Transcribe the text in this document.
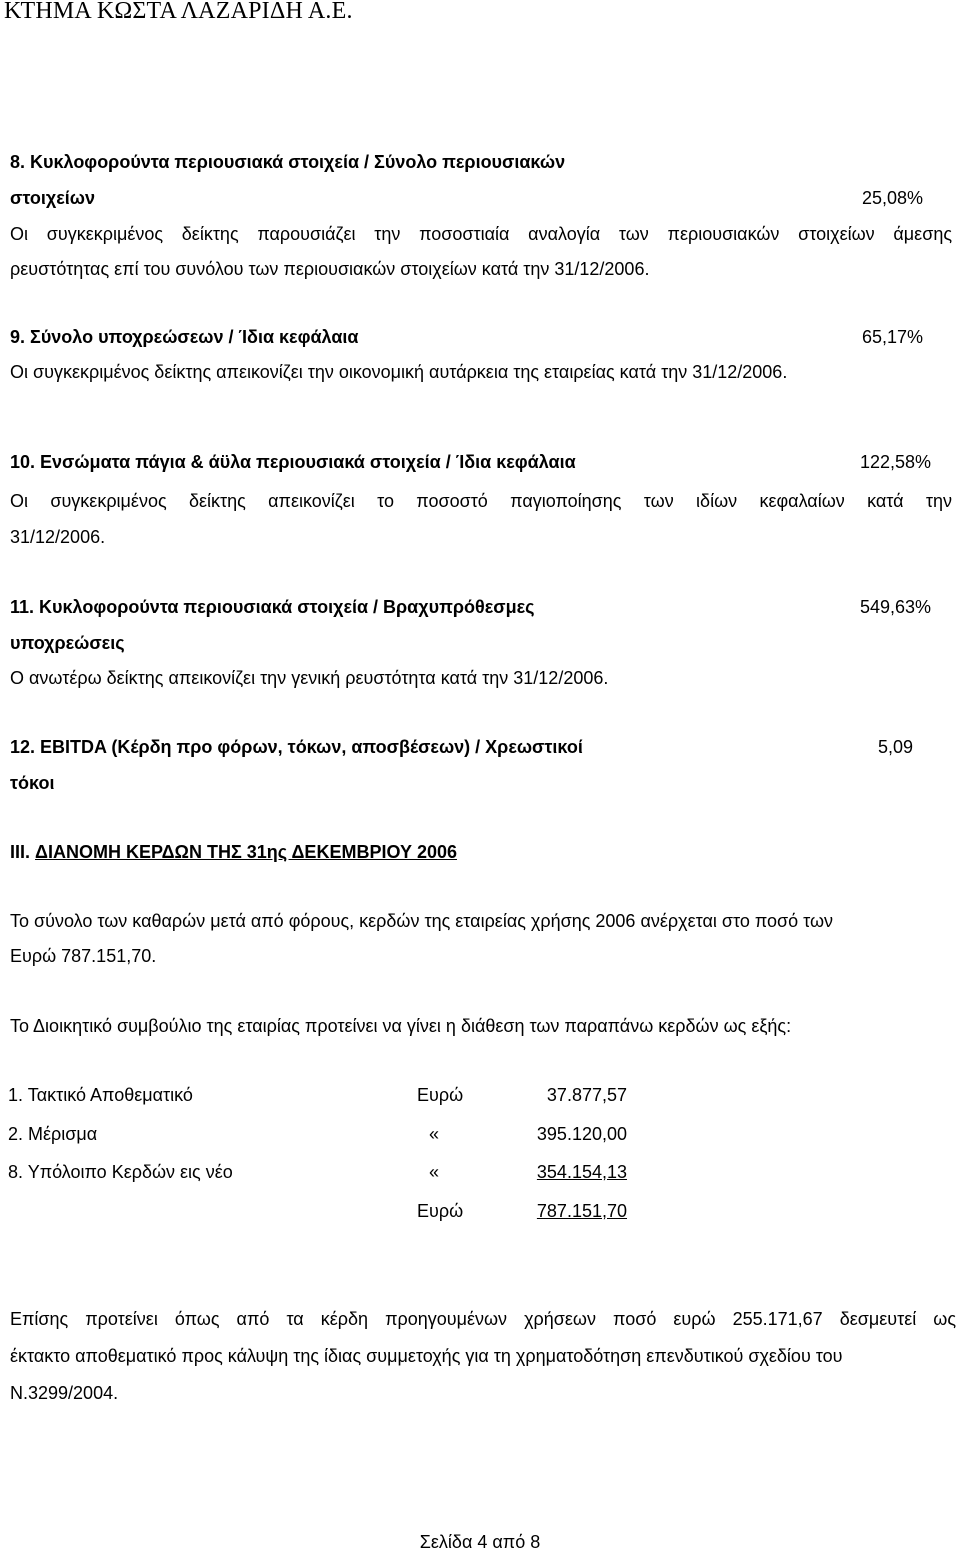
ΚΤΗΜΑ ΚΩΣΤΑ ΛΑΖΑΡΙΔΗ Α.Ε.
8. Κυκλοφορούντα περιουσιακά στοιχεία / Σύνολο περιουσιακών
στοιχείων	25,08%
Οι συγκεκριμένος δείκτης παρουσιάζει την ποσοστιαία αναλογία των περιουσιακών στοιχείων άμεσης
ρευστότητας επί του συνόλου των περιουσιακών στοιχείων κατά την 31/12/2006.
9. Σύνολο υποχρεώσεων / Ίδια κεφάλαια	65,17%
Οι συγκεκριμένος δείκτης απεικονίζει την οικονομική αυτάρκεια της εταιρείας κατά την 31/12/2006.
10. Ενσώματα πάγια & άϋλα περιουσιακά στοιχεία / Ίδια κεφάλαια	122,58%
Οι συγκεκριμένος δείκτης απεικονίζει το ποσοστό παγιοποίησης των ιδίων κεφαλαίων κατά την
31/12/2006.
11. Κυκλοφορούντα περιουσιακά στοιχεία / Βραχυπρόθεσμες	549,63%
υποχρεώσεις
Ο ανωτέρω δείκτης απεικονίζει την γενική ρευστότητα κατά την 31/12/2006.
12. EBITDA (Κέρδη προ φόρων, τόκων, αποσβέσεων) / Χρεωστικοί	5,09
τόκοι
III. ΔΙΑΝΟΜΗ ΚΕΡΔΩΝ ΤΗΣ 31ης ΔΕΚΕΜΒΡΙΟΥ 2006
Το σύνολο των καθαρών μετά από φόρους, κερδών της εταιρείας χρήσης 2006 ανέρχεται στο ποσό των
Ευρώ 787.151,70.
Το Διοικητικό συμβούλιο της εταιρίας προτείνει να γίνει η διάθεση των παραπάνω κερδών ως εξής:
1. Τακτικό Αποθεματικό	Ευρώ	37.877,57
2. Μέρισμα	«	395.120,00
8. Υπόλοιπο Κερδών εις νέο	«	354.154,13
Ευρώ	787.151,70
Επίσης προτείνει όπως από τα κέρδη προηγουμένων χρήσεων ποσό ευρώ 255.171,67 δεσμευτεί ως
έκτακτο αποθεματικό προς κάλυψη της ίδιας συμμετοχής για τη χρηματοδότηση επενδυτικού σχεδίου του
Ν.3299/2004.
Σελίδα 4 από 8
